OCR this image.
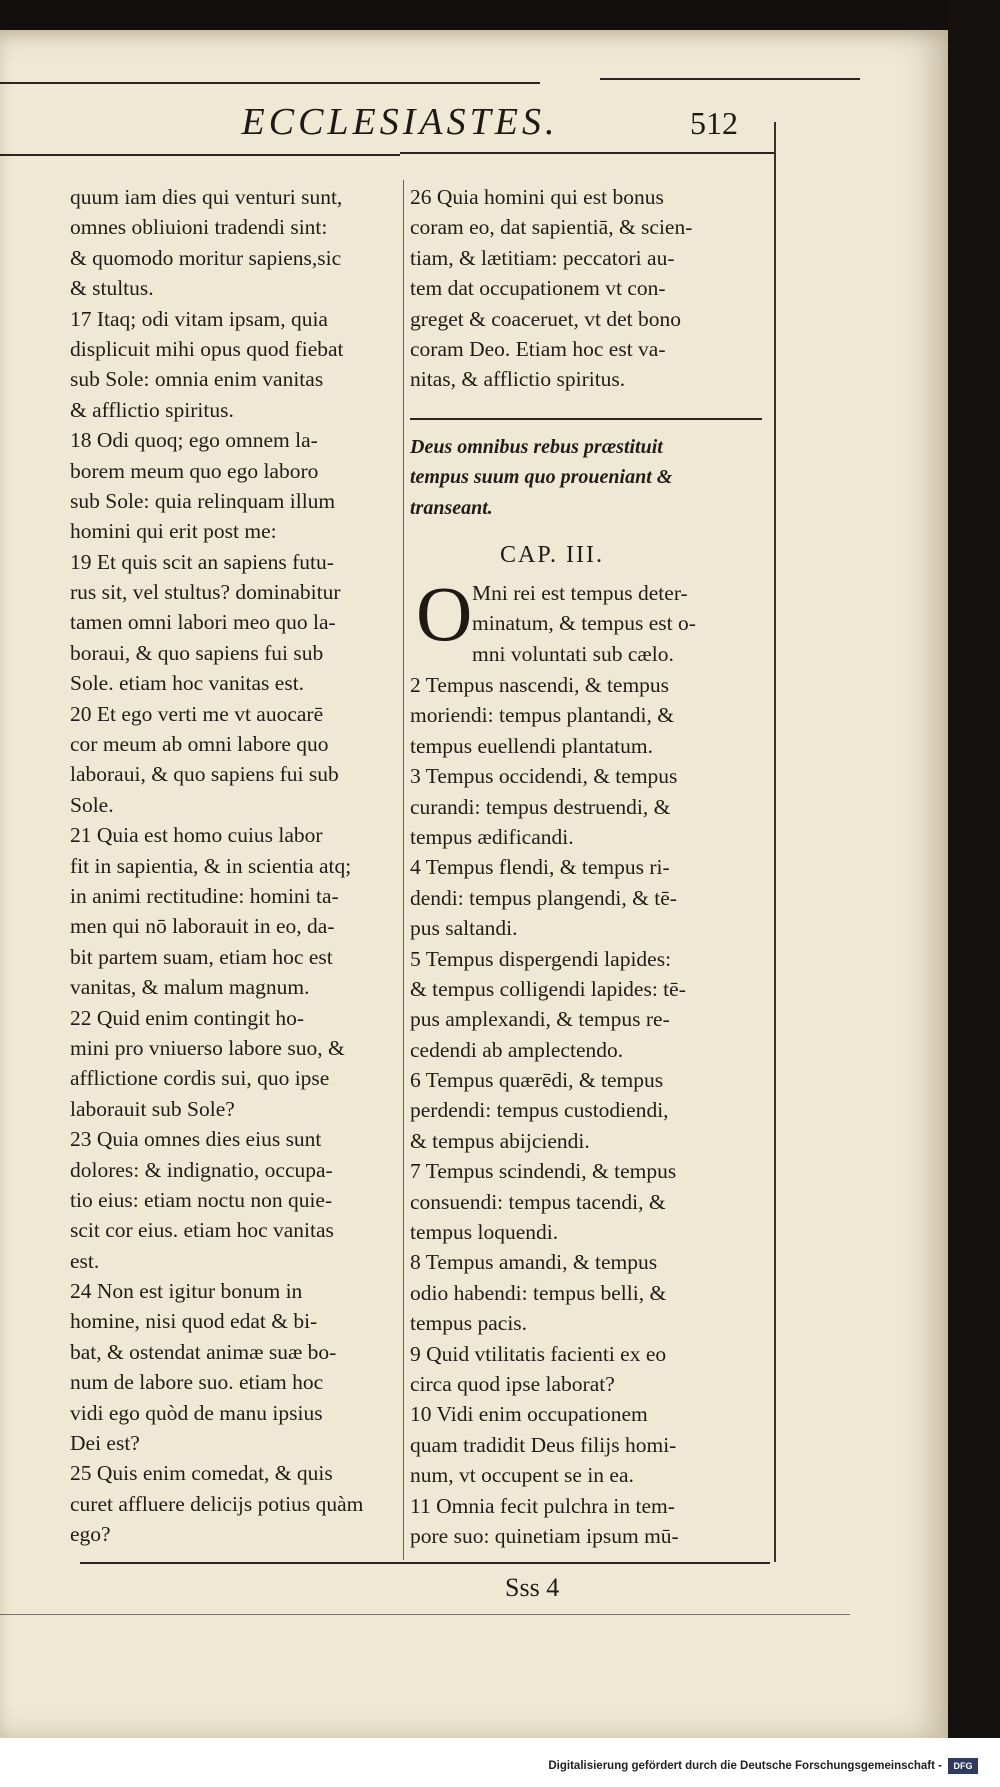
ECCLESIASTES.	512
quum iam dies qui venturi sunt,
omnes obliuioni tradendi sint:
& quomodo moritur sapiens,sic
& stultus.
17 Itaq; odi vitam ipsam, quia
displicuit mihi opus quod fiebat
sub Sole: omnia enim vanitas
& afflictio spiritus.
18 Odi quoq; ego omnem la-
borem meum quo ego laboro
sub Sole: quia relinquam illum
homini qui erit post me:
19 Et quis scit an sapiens futu-
rus sit, vel stultus? dominabitur
tamen omni labori meo quo la-
boraui, & quo sapiens fui sub
Sole. etiam hoc vanitas est.
20 Et ego verti me vt auocarē
cor meum ab omni labore quo
laboraui, & quo sapiens fui sub
Sole.
21 Quia est homo cuius labor
fit in sapientia, & in scientia atq;
in animi rectitudine: homini ta-
men qui nō laborauit in eo, da-
bit partem suam, etiam hoc est
vanitas, & malum magnum.
22 Quid enim contingit ho-
mini pro vniuerso labore suo, &
afflictione cordis sui, quo ipse
laborauit sub Sole?
23 Quia omnes dies eius sunt
dolores: & indignatio, occupa-
tio eius: etiam noctu non quie-
scit cor eius. etiam hoc vanitas
est.
24 Non est igitur bonum in
homine, nisi quod edat & bi-
bat, & ostendat animæ suæ bo-
num de labore suo. etiam hoc
vidi ego quòd de manu ipsius
Dei est?
25 Quis enim comedat, & quis
curet affluere delicijs potius quàm
ego?
26 Quia homini qui est bonus
coram eo, dat sapientiā, & scien-
tiam, & lætitiam: peccatori au-
tem dat occupationem vt con-
greget & coaceruet, vt det bono
coram Deo. Etiam hoc est va-
nitas, & afflictio spiritus.
Deus omnibus rebus præstituit
tempus suum quo proueniant &
transeant.
CAP. III.
O Mni rei est tempus deter-
minatum, & tempus est o-
mni voluntati sub cælo.
2 Tempus nascendi, & tempus
moriendi: tempus plantandi, &
tempus euellendi plantatum.
3 Tempus occidendi, & tempus
curandi: tempus destruendi, &
tempus ædificandi.
4 Tempus flendi, & tempus ri-
dendi: tempus plangendi, & tē-
pus saltandi.
5 Tempus dispergendi lapides:
& tempus colligendi lapides: tē-
pus amplexandi, & tempus re-
cedendi ab amplectendo.
6 Tempus quærēdi, & tempus
perdendi: tempus custodiendi,
& tempus abijciendi.
7 Tempus scindendi, & tempus
consuendi: tempus tacendi, &
tempus loquendi.
8 Tempus amandi, & tempus
odio habendi: tempus belli, &
tempus pacis.
9 Quid vtilitatis facienti ex eo
circa quod ipse laborat?
10 Vidi enim occupationem
quam tradidit Deus filijs homi-
num, vt occupent se in ea.
11 Omnia fecit pulchra in tem-
pore suo: quinetiam ipsum mū-
Sss 4
Digitalisierung gefördert durch die Deutsche Forschungsgemeinschaft -	DFG
